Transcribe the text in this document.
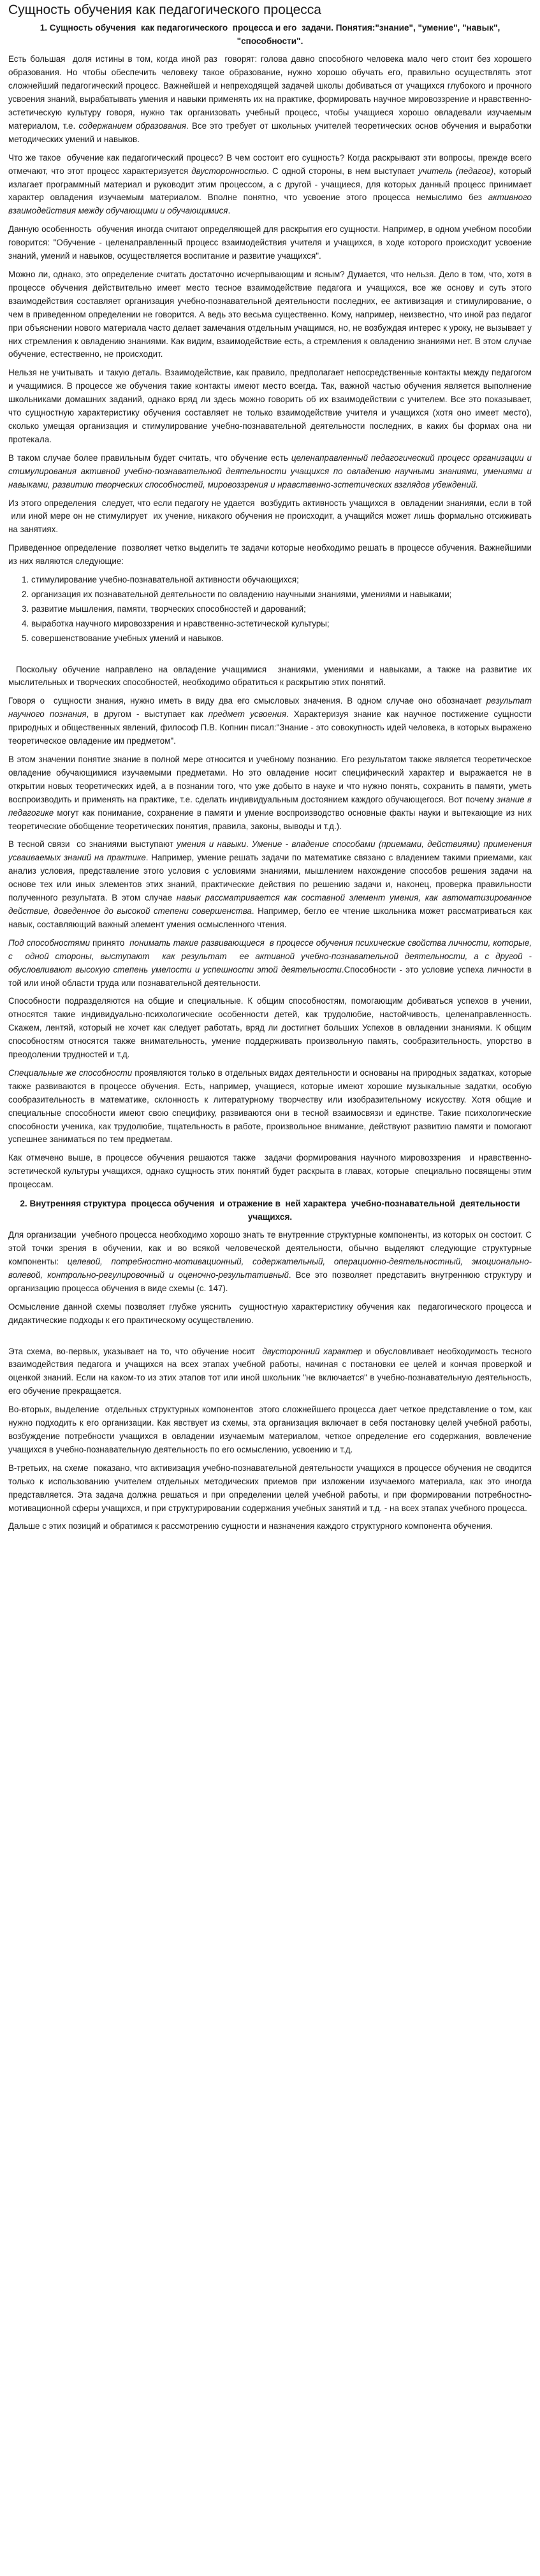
Сущность обучения как педагогического процесса
1. Сущность обучения  как педагогического  процесса и его  задачи. Понятия:"знание", "умение", "навык", "способности".

Есть большая  доля истины в том, когда иной раз  говорят: голова давно способного человека мало чего стоит без хорошего образования. Но чтобы обеспечить человеку такое образование, нужно хорошо обучать его, правильно осуществлять этот сложнейший педагогический процесс. Важнейшей и непреходящей задачей школы добиваться от учащихся глубокого и прочного усвоения знаний, вырабатывать умения и навыки применять их на практике, формировать научное мировоззрение и нравственно-эстетическую культуру говоря, нужно так организовать учебный процесс, чтобы учащиеся хорошо овладевали изучаемым материалом, т.е. содержанием образования. Все это требует от школьных учителей теоретических основ обучения и выработки методических умений и навыков.

Что же такое  обучение как педагогический процесс? В чем состоит его сущность? Когда раскрывают эти вопросы, прежде всего отмечают, что этот процесс характеризуется двусторонностью. С одной стороны, в нем выступает учитель (педагог), который излагает программный материал и руководит этим процессом, а с другой - учащиеся, для которых данный процесс принимает характер овладения изучаемым материалом. Вполне понятно, что усвоение этого процесса немыслимо без активного взаимодействия между обучающими и обучающимися.

Данную особенность  обучения иногда считают определяющей для раскрытия его сущности. Например, в одном учебном пособии говорится: "Обучение - целенаправленный процесс взаимодействия учителя и учащихся, в ходе которого происходит усвоение знаний, умений и навыков, осуществляется воспитание и развитие учащихся".

Можно ли, однако, это определение считать достаточно исчерпывающим и ясным? Думается, что нельзя. Дело в том, что, хотя в процессе обучения действительно имеет место тесное взаимодействие педагога и учащихся, все же основу и суть этого взаимодействия составляет организация учебно-познавательной деятельности последних, ее активизация и стимулирование, о чем в приведенном определении не говорится. А ведь это весьма существенно. Кому, например, неизвестно, что иной раз педагог при объяснении нового материала часто делает замечания отдельным учащимся, но, не возбуждая интерес к уроку, не вызывает у них стремления к овладению знаниями. Как видим, взаимодействие есть, а стремления к овладению знаниями нет. В этом случае обучение, естественно, не происходит.

Нельзя не учитывать  и такую деталь. Взаимодействие, как правило, предполагает непосредственные контакты между педагогом и учащимися. В процессе же обучения такие контакты имеют место всегда. Так, важной частью обучения является выполнение школьниками домашних заданий, однако вряд ли здесь можно говорить об их взаимодействии с учителем. Все это показывает, что сущностную характеристику обучения составляет не только взаимодействие учителя и учащихся (хотя оно имеет место), сколько умещая организация и стимулирование учебно-познавательной деятельности последних, в каких бы формах она ни протекала.

В таком случае более правильным будет считать, что обучение есть целенаправленный педагогический процесс организации и стимулирования активной учебно-познавательной деятельности учащихся по овладению научными знаниями, умениями и навыками, развитию творческих способностей, мировоззрения и нравственно-эстетических взглядов убеждений.

Из этого определения  следует, что если педагогу не удается  возбудить активность учащихся в  овладении знаниями, если в той  или иной мере он не стимулирует  их учение, никакого обучения не происходит, а учащийся может лишь формально отсиживать на занятиях.

Приведенное определение  позволяет четко выделить те задачи которые необходимо решать в процессе обучения. Важнейшими из них являются следующие:

1. стимулирование учебно-познавательной активности обучающихся;
2. организация их познавательной деятельности по овладению научными знаниями, умениями и навыками;
3. развитие мышления, памяти, творческих способностей и дарований;
4. выработка научного мировоззрения и нравственно-эстетической культуры;
5. совершенствование учебных умений и навыков.

Поскольку обучение направлено на овладение учащимися  знаниями, умениями и навыками, а также на развитие их мыслительных и творческих способностей, необходимо обратиться к раскрытию этих понятий.

Говоря о  сущности знания, нужно иметь в виду два его смысловых значения. В одном случае оно обозначает результат научного познания, в другом - выступает как предмет усвоения. Характеризуя знание как научное постижение сущности природных и общественных явлений, философ П.В. Копнин писал:"Знание - это совокупность идей человека, в которых выражено теоретическое овладение им предметом".

В этом значении понятие знание в полной мере относится и учебному познанию. Его результатом также является теоретическое овладение обучающимися изучаемыми предметами. Но это овладение носит специфический характер и выражается не в открытии новых теоретических идей, а в познании того, что уже добыто в науке и что нужно понять, сохранить в памяти, уметь воспроизводить и применять на практике, т.е. сделать индивидуальным достоянием каждого обучающегося. Вот почему знание в педагогике могут как понимание, сохранение в памяти и умение воспроизводство основные факты науки и вытекающие из них теоретические обобщение теоретических понятия, правила, законы, выводы и т.д.).

В тесной связи  со знаниями выступают умения и навыки. Умение - владение способами (приемами, действиями) применения усваиваемых знаний на практике. Например, умение решать задачи по математике связано с владением такими приемами, как анализ условия, представление этого условия с условиями знаниями, мышлением нахождение способов решения задачи на основе тех или иных элементов этих знаний, практические действия по решению задачи и, наконец, проверка правильности полученного результата. В этом случае навык рассматривается как составной элемент умения, как автоматизированное действие, доведенное до высокой степени совершенства. Например, бегло ее чтение школьника может рассматриваться как навык, составляющий важный элемент умения осмысленного чтения.

Под способностями принято  понимать такие развивающиеся  в процессе обучения психические свойства личности, которые, с  одной стороны, выступают  как результат  ее активной учебно-познавательной деятельности, а с другой - обусловливают высокую степень умелости и успешности этой деятельности.Способности - это условие успеха личности в той или иной области труда или познавательной деятельности.

Способности подразделяются на общие и специальные. К общим способностям, помогающим добиваться успехов в учении, относятся такие индивидуально-психологические особенности детей, как трудолюбие, настойчивость, целенаправленность. Скажем, лентяй, который не хочет как следует работать, вряд ли достигнет больших Успехов в овладении знаниями. К общим способностям относятся также внимательность, умение поддерживать произвольную память, сообразительность, упорство в преодолении трудностей и т.д.

Специальные же способности проявляются только в отдельных видах деятельности и основаны на природных задатках, которые также развиваются в процессе обучения. Есть, например, учащиеся, которые имеют хорошие музыкальные задатки, особую сообразительность в математике, склонность к литературному творчеству или изобразительному искусству. Хотя общие и специальные способности имеют свою специфику, развиваются они в тесной взаимосвязи и единстве. Такие психологические способности ученика, как трудолюбие, тщательность в работе, произвольное внимание, действуют развитию памяти и помогают успешнее заниматься по тем предметам.

Как отмечено выше, в процессе обучения решаются также  задачи формирования научного мировоззрения  и нравственно-эстетической культуры учащихся, однако сущность этих понятий будет раскрыта в главах, которые  специально посвящены этим процессам.

2. Внутренняя структура  процесса обучения  и отражение в  ней характера  учебно-познавательной  деятельности учащихся.

Для организации  учебного процесса необходимо хорошо знать те внутренние структурные компоненты, из которых он состоит. С этой точки зрения в обучении, как и во всякой человеческой деятельности, обычно выделяют следующие структурные компоненты: целевой, потребностно-мотивационный, содержательный, операционно-деятельностный, эмоционально-волевой, контрольно-регулировочный и оценочно-результативный. Все это позволяет представить внутреннюю структуру и организацию процесса обучения в виде схемы (с. 147).

Осмысление данной схемы позволяет глубже уяснить  сущностную характеристику обучения как  педагогического процесса и дидактические подходы к его практическому осуществлению.

Эта схема, во-первых, указывает на то, что обучение носит  двусторонний характер и обусловливает необходимость тесного взаимодействия педагога и учащихся на всех этапах учебной работы, начиная с постановки ее целей и кончая проверкой и оценкой знаний. Если на каком-то из этих этапов тот или иной школьник "не включается" в учебно-познавательную деятельность, его обучение прекращается.

Во-вторых, выделение  отдельных структурных компонентов  этого сложнейшего процесса дает четкое представление о том, как нужно подходить к его организации. Как явствует из схемы, эта организация включает в себя постановку целей учебной работы, возбуждение потребности учащихся в овладении изучаемым материалом, четкое определение его содержания, вовлечение учащихся в учебно-познавательную деятельность по его осмыслению, усвоению и т.д.

В-третьих, на схеме  показано, что активизация учебно-познавательной деятельности учащихся в процессе обучения не сводится только к использованию учителем отдельных методических приемов при изложении изучаемого материала, как это иногда представляется. Эта задача должна решаться и при определении целей учебной работы, и при формировании потребностно-мотивационной сферы учащихся, и при структурировании содержания учебных занятий и т.д. - на всех этапах учебного процесса.

Дальше с этих позиций и обратимся к рассмотрению сущности и назначения каждого структурного компонента обучения.
